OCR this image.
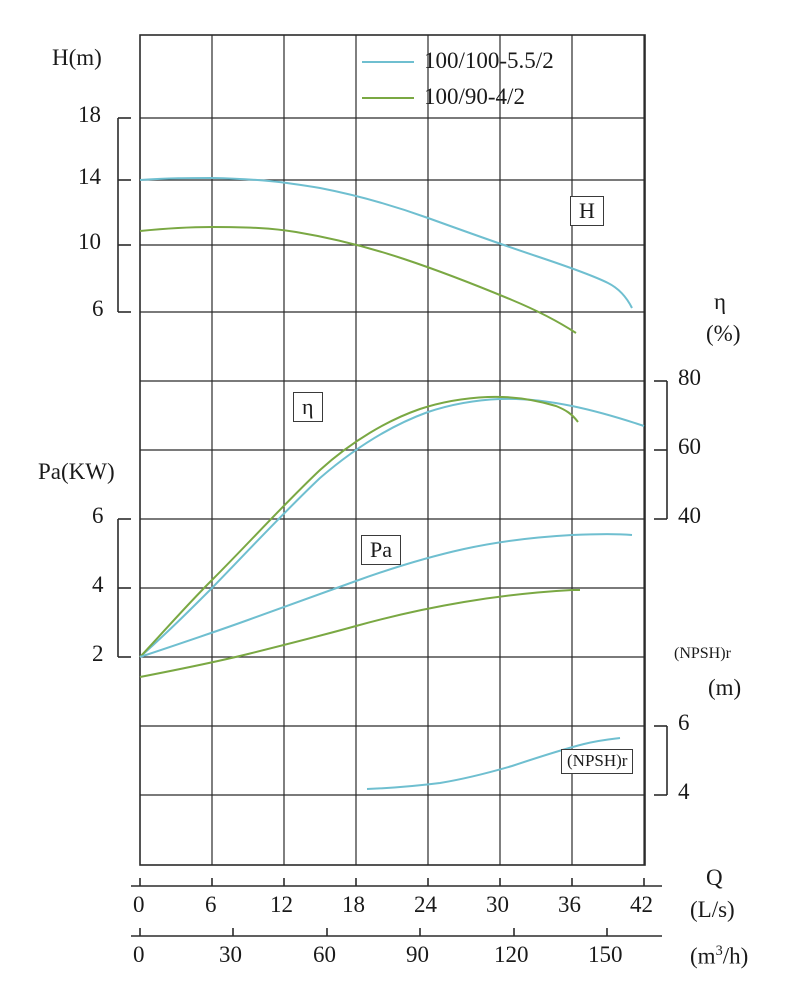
100/100-5.5/2
100/90-4/2
H(m)
Pa(KW)
η
(%)
(NPSH)r
(m)
Q
(L/s)
$(m^3/h)$
18
14
10
6
6
4
2
80
60
40
6
4
0	6 12 18 24 30 36 42
0	30	60	90	120	150
H
η
Pa
(NPSH)r
